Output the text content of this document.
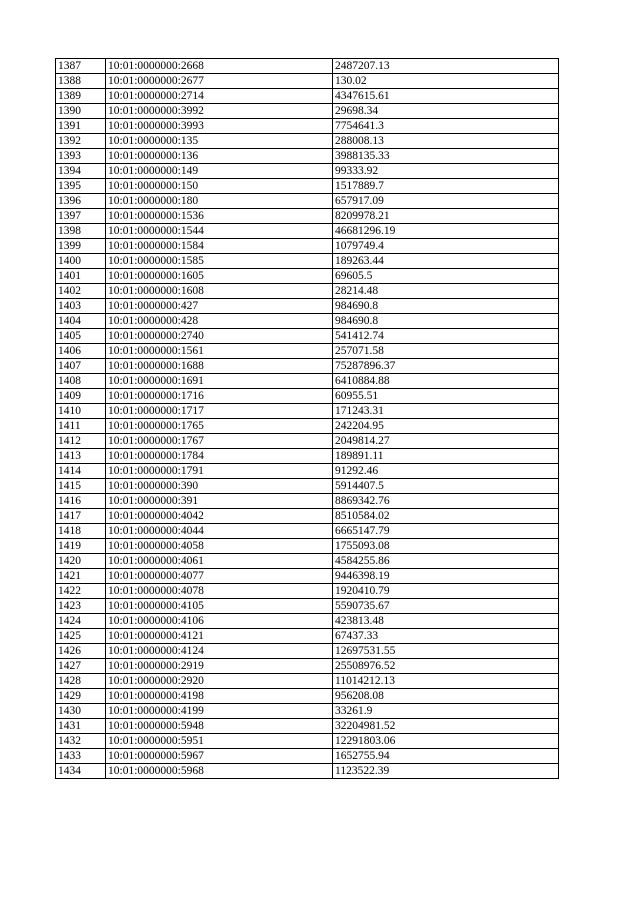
1387	10:01:0000000:2668	2487207.13
1388	10:01:0000000:2677	130.02
1389	10:01:0000000:2714	4347615.61
1390	10:01:0000000:3992	29698.34
1391	10:01:0000000:3993	7754641.3
1392	10:01:0000000:135	288008.13
1393	10:01:0000000:136	3988135.33
1394	10:01:0000000:149	99333.92
1395	10:01:0000000:150	1517889.7
1396	10:01:0000000:180	657917.09
1397	10:01:0000000:1536	8209978.21
1398	10:01:0000000:1544	46681296.19
1399	10:01:0000000:1584	1079749.4
1400	10:01:0000000:1585	189263.44
1401	10:01:0000000:1605	69605.5
1402	10:01:0000000:1608	28214.48
1403	10:01:0000000:427	984690.8
1404	10:01:0000000:428	984690.8
1405	10:01:0000000:2740	541412.74
1406	10:01:0000000:1561	257071.58
1407	10:01:0000000:1688	75287896.37
1408	10:01:0000000:1691	6410884.88
1409	10:01:0000000:1716	60955.51
1410	10:01:0000000:1717	171243.31
1411	10:01:0000000:1765	242204.95
1412	10:01:0000000:1767	2049814.27
1413	10:01:0000000:1784	189891.11
1414	10:01:0000000:1791	91292.46
1415	10:01:0000000:390	5914407.5
1416	10:01:0000000:391	8869342.76
1417	10:01:0000000:4042	8510584.02
1418	10:01:0000000:4044	6665147.79
1419	10:01:0000000:4058	1755093.08
1420	10:01:0000000:4061	4584255.86
1421	10:01:0000000:4077	9446398.19
1422	10:01:0000000:4078	1920410.79
1423	10:01:0000000:4105	5590735.67
1424	10:01:0000000:4106	423813.48
1425	10:01:0000000:4121	67437.33
1426	10:01:0000000:4124	12697531.55
1427	10:01:0000000:2919	25508976.52
1428	10:01:0000000:2920	11014212.13
1429	10:01:0000000:4198	956208.08
1430	10:01:0000000:4199	33261.9
1431	10:01:0000000:5948	32204981.52
1432	10:01:0000000:5951	12291803.06
1433	10:01:0000000:5967	1652755.94
1434	10:01:0000000:5968	1123522.39
